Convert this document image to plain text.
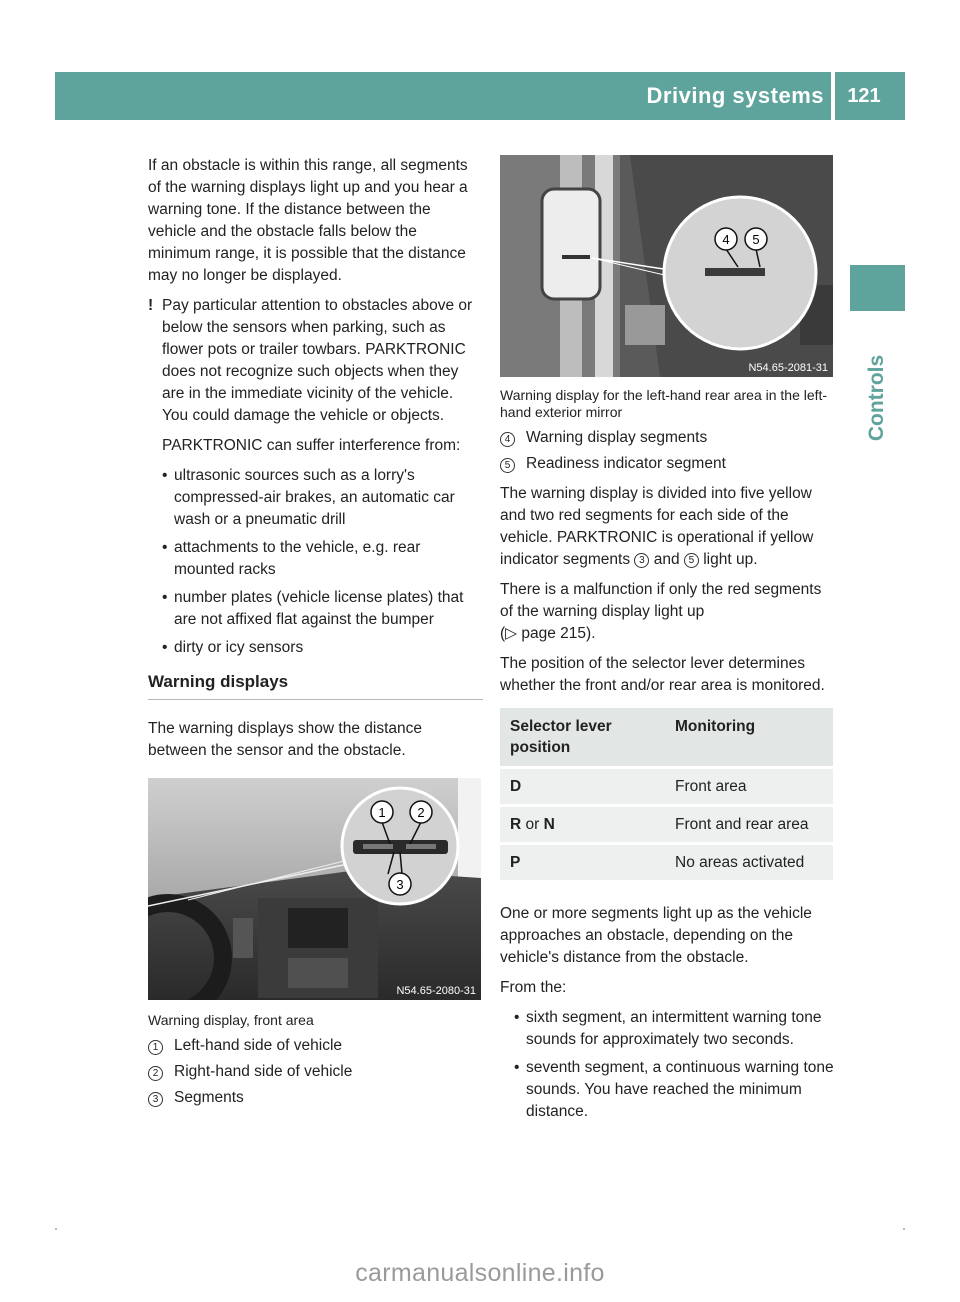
Driving systems	121
Controls

If an obstacle is within this range, all segments of the warning displays light up and you hear a warning tone. If the distance between the vehicle and the obstacle falls below the minimum range, it is possible that the distance may no longer be displayed.

! Pay particular attention to obstacles above or below the sensors when parking, such as flower pots or trailer towbars. PARKTRONIC does not recognize such objects when they are in the immediate vicinity of the vehicle. You could damage the vehicle or objects.

PARKTRONIC can suffer interference from:

• ultrasonic sources such as a lorry's compressed-air brakes, an automatic car wash or a pneumatic drill
• attachments to the vehicle, e.g. rear mounted racks
• number plates (vehicle license plates) that are not affixed flat against the bumper
• dirty or icy sensors
Warning displays

The warning displays show the distance between the sensor and the obstacle.

1 2
3
N54.65-2080-31
Warning display, front area
1	Left-hand side of vehicle
2	Right-hand side of vehicle
3	Segments
4 5
N54.65-2081-31
Warning display for the left-hand rear area in the left-hand exterior mirror
4	Warning display segments
5	Readiness indicator segment

The warning display is divided into five yellow and two red segments for each side of the vehicle. PARKTRONIC is operational if yellow indicator segments 3 and 5 light up.

There is a malfunction if only the red segments of the warning display light up
(▷ page 215).

The position of the selector lever determines whether the front and/or rear area is monitored.

Selector lever position	Monitoring
D	Front area
R or N	Front and rear area
P	No areas activated

One or more segments light up as the vehicle approaches an obstacle, depending on the vehicle's distance from the obstacle.

From the:

• sixth segment, an intermittent warning tone sounds for approximately two seconds.
• seventh segment, a continuous warning tone sounds. You have reached the minimum distance.
carmanualsonline.info
